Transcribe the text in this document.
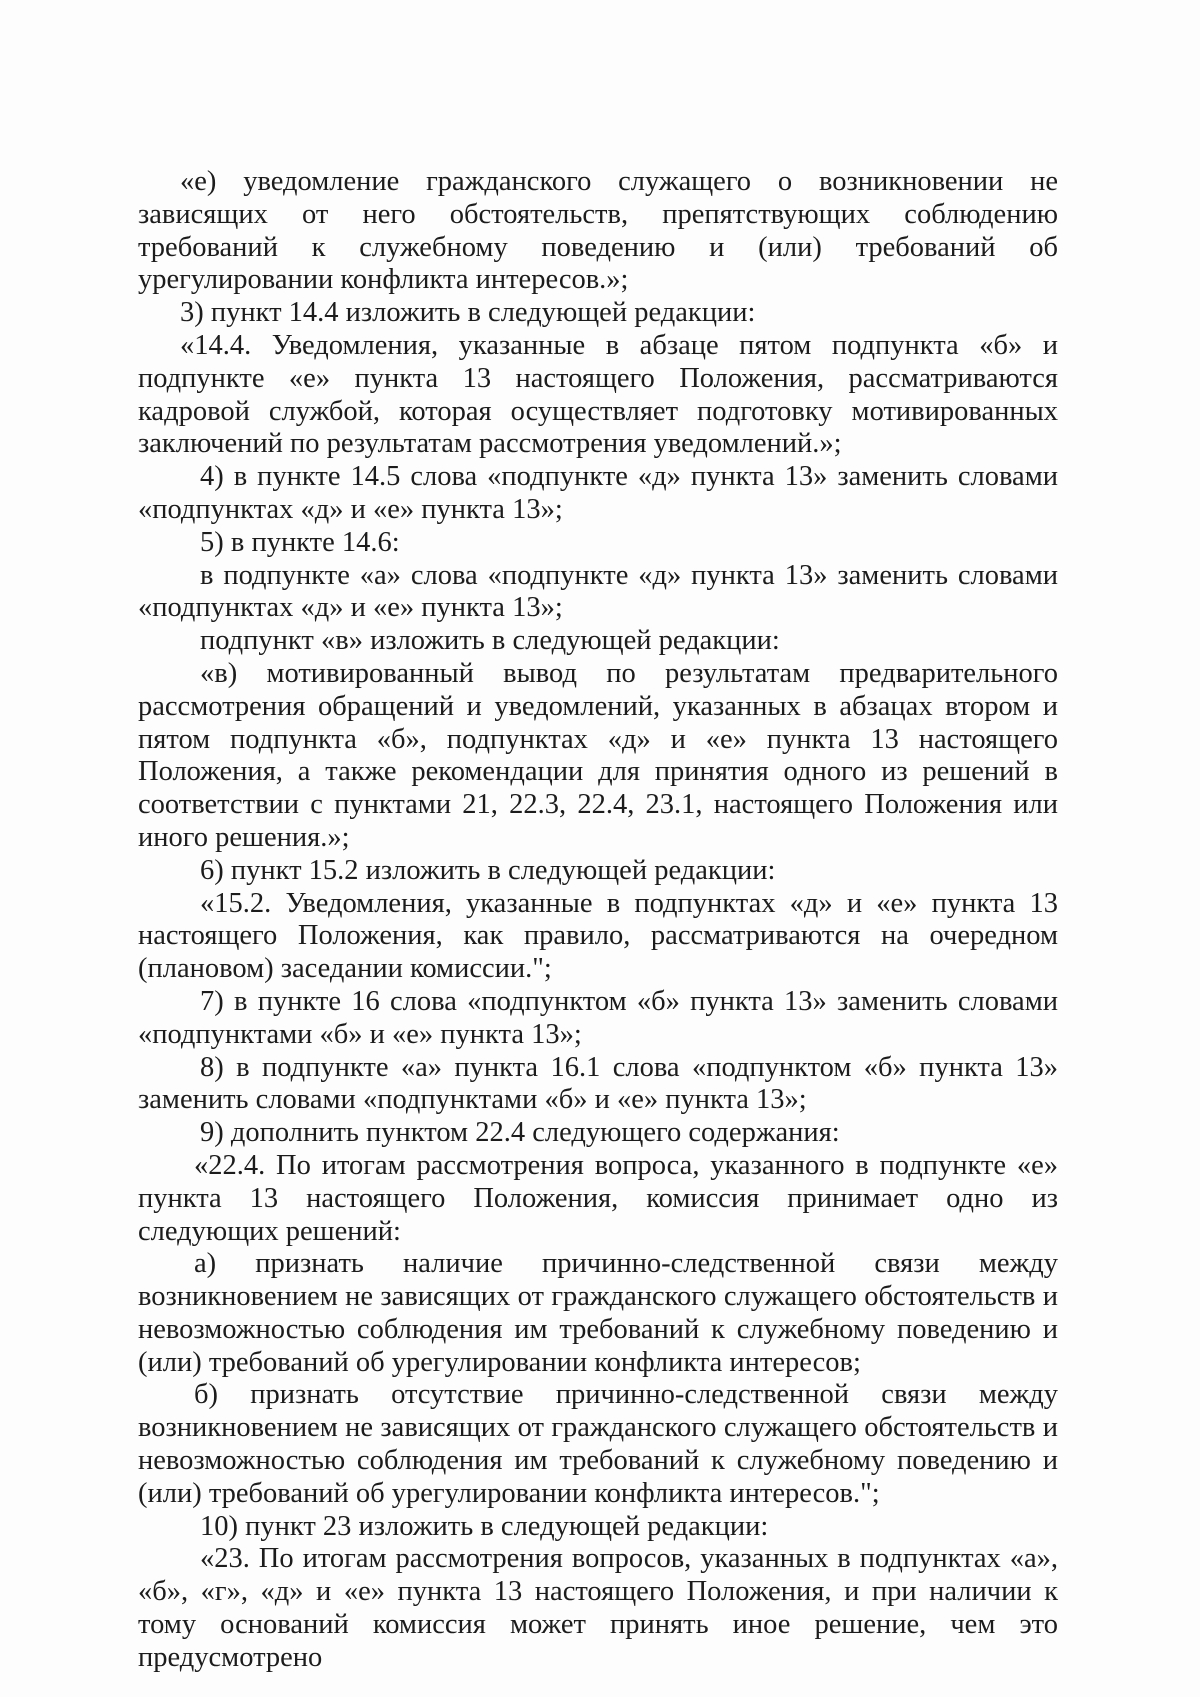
«е) уведомление гражданского служащего о возникновении не зависящих от него обстоятельств, препятствующих соблюдению требований к служебному поведению и (или) требований об урегулировании конфликта интересов.»;

3) пункт 14.4 изложить в следующей редакции:

«14.4. Уведомления, указанные в абзаце пятом подпункта «б» и подпункте «е» пункта 13 настоящего Положения, рассматриваются кадровой службой, которая осуществляет подготовку мотивированных заключений по результатам рассмотрения уведомлений.»;

4) в пункте 14.5 слова «подпункте «д» пункта 13» заменить словами «подпунктах «д» и «е» пункта 13»;

5) в пункте 14.6:

в подпункте «а» слова «подпункте «д» пункта 13» заменить словами «подпунктах «д» и «е» пункта 13»;

подпункт «в» изложить в следующей редакции:

«в) мотивированный вывод по результатам предварительного рассмотрения обращений и уведомлений, указанных в абзацах втором и пятом подпункта «б», подпунктах «д» и «е» пункта 13 настоящего Положения, а также рекомендации для принятия одного из решений в соответствии с пунктами 21, 22.3, 22.4, 23.1, настоящего Положения или иного решения.»;

6) пункт 15.2 изложить в следующей редакции:

«15.2. Уведомления, указанные в подпунктах «д» и «е» пункта 13 настоящего Положения, как правило, рассматриваются на очередном (плановом) заседании комиссии.";

7) в пункте 16 слова «подпунктом «б» пункта 13» заменить словами «подпунктами «б» и «е» пункта 13»;

8) в подпункте «а» пункта 16.1 слова «подпунктом «б» пункта 13» заменить словами «подпунктами «б» и «е» пункта 13»;

9) дополнить пунктом 22.4 следующего содержания:

«22.4. По итогам рассмотрения вопроса, указанного в подпункте «е» пункта 13 настоящего Положения, комиссия принимает одно из следующих решений:

а) признать наличие причинно-следственной связи между возникновением не зависящих от гражданского служащего обстоятельств и невозможностью соблюдения им требований к служебному поведению и (или) требований об урегулировании конфликта интересов;

б) признать отсутствие причинно-следственной связи между возникновением не зависящих от гражданского служащего обстоятельств и невозможностью соблюдения им требований к служебному поведению и (или) требований об урегулировании конфликта интересов.";

10) пункт 23 изложить в следующей редакции:

«23. По итогам рассмотрения вопросов, указанных в подпунктах «а», «б», «г», «д» и «е» пункта 13 настоящего Положения, и при наличии к тому оснований комиссия может принять иное решение, чем это предусмотрено
